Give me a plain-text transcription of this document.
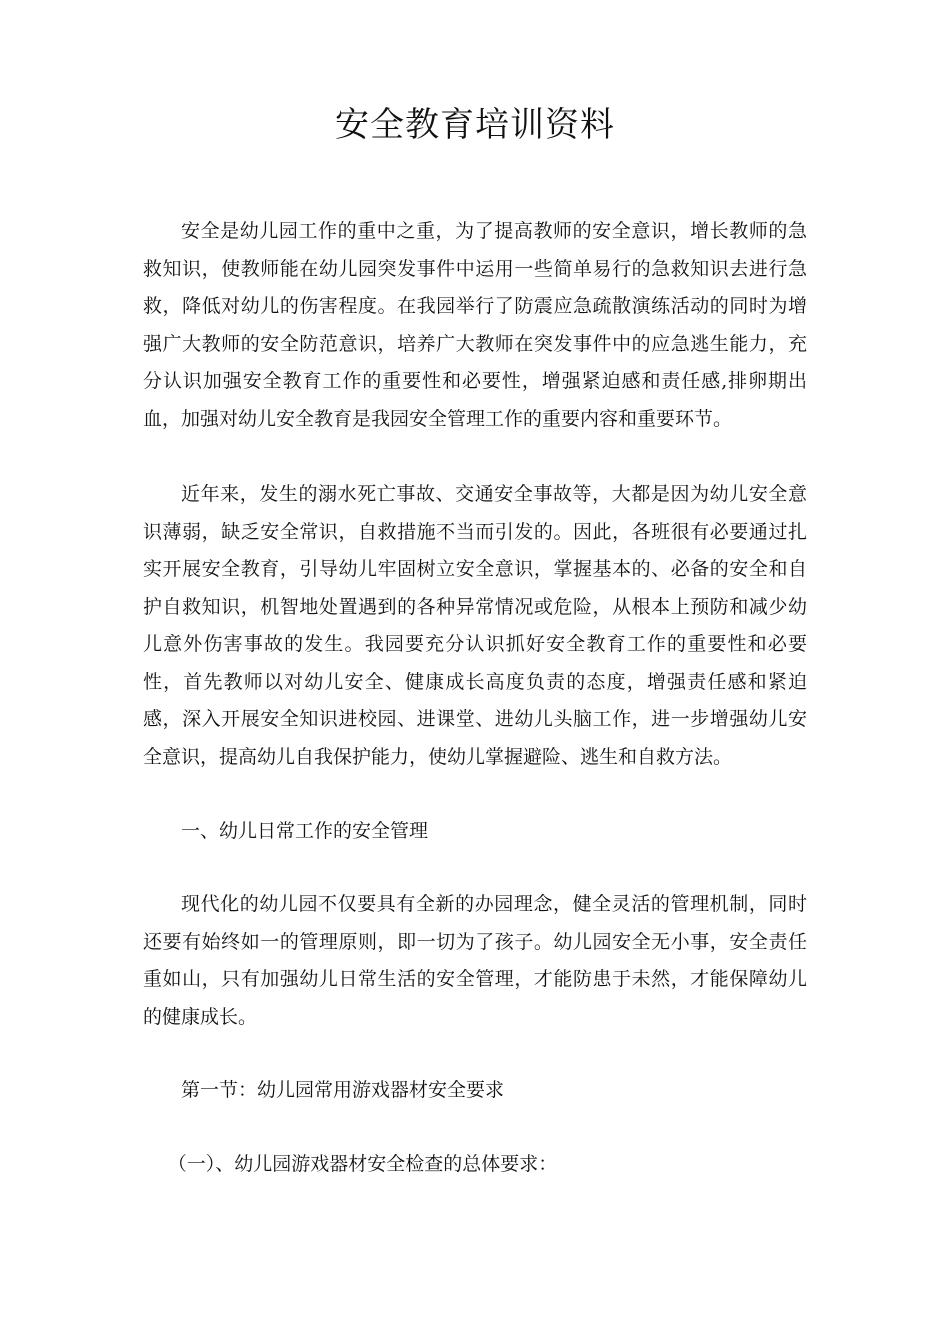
安全教育培训资料

安全是幼儿园工作的重中之重，为了提高教师的安全意识，增长教师的急救知识，使教师能在幼儿园突发事件中运用一些简单易行的急救知识去进行急救，降低对幼儿的伤害程度。在我园举行了防震应急疏散演练活动的同时为增强广大教师的安全防范意识，培养广大教师在突发事件中的应急逃生能力，充分认识加强安全教育工作的重要性和必要性，增强紧迫感和责任感,排卵期出血，加强对幼儿安全教育是我园安全管理工作的重要内容和重要环节。

近年来，发生的溺水死亡事故、交通安全事故等，大都是因为幼儿安全意识薄弱，缺乏安全常识，自救措施不当而引发的。因此，各班很有必要通过扎实开展安全教育，引导幼儿牢固树立安全意识，掌握基本的、必备的安全和自护自救知识，机智地处置遇到的各种异常情况或危险，从根本上预防和减少幼儿意外伤害事故的发生。我园要充分认识抓好安全教育工作的重要性和必要性，首先教师以对幼儿安全、健康成长高度负责的态度，增强责任感和紧迫感，深入开展安全知识进校园、进课堂、进幼儿头脑工作，进一步增强幼儿安全意识，提高幼儿自我保护能力，使幼儿掌握避险、逃生和自救方法。

一、幼儿日常工作的安全管理

现代化的幼儿园不仅要具有全新的办园理念，健全灵活的管理机制，同时还要有始终如一的管理原则，即一切为了孩子。幼儿园安全无小事，安全责任重如山，只有加强幼儿日常生活的安全管理，才能防患于未然，才能保障幼儿的健康成长。

第一节：幼儿园常用游戏器材安全要求
（一）、幼儿园游戏器材安全检查的总体要求：
